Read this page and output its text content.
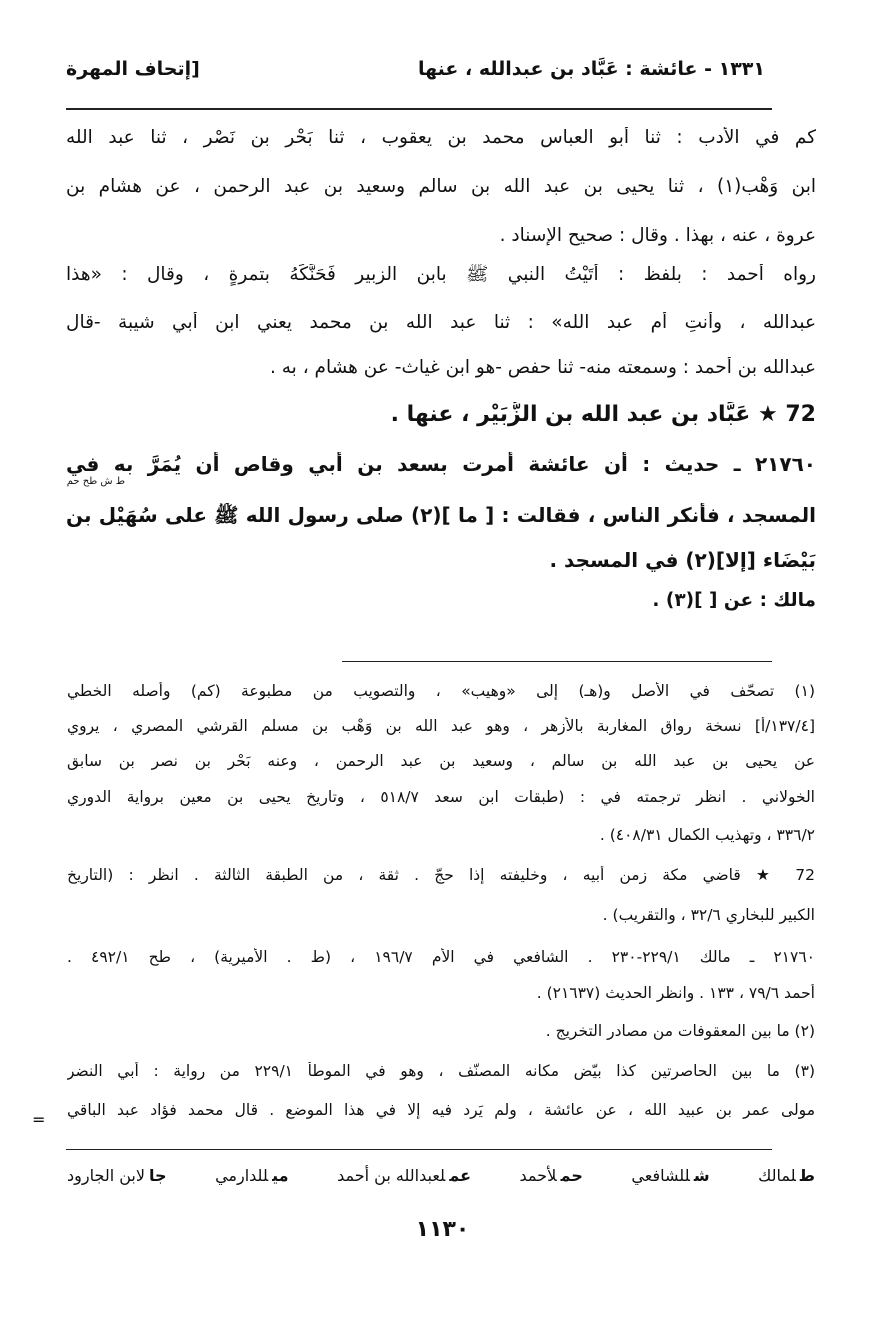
[إتحاف المهرة	١٣٣١ - عائشة : عَبَّاد بن عبدالله ، عنها
كم في الأدب : ثنا أبو العباس محمد بن يعقوب ، ثنا بَحْر بن نَصْر ، ثنا عبد الله
ابن وَهْب(١) ، ثنا يحيى بن عبد الله بن سالم وسعيد بن عبد الرحمن ، عن هشام بن
عروة ، عنه ، بهذا . وقال : صحيح الإسناد .
رواه أحمد : بلفظ : أَتَيْتُ النبي ﷺ بابن الزبير فَحَنَّكَهُ بتمرةٍ ، وقال : «هذا
عبدالله ، وأنتِ أم عبد الله» : ثنا عبد الله بن محمد يعني ابن أبي شيبة -قال
عبدالله بن أحمد : وسمعته منه- ثنا حفص -هو ابن غياث- عن هشام ، به .
72 ★ عَبَّاد بن عبد الله بن الزُّبَيْر ، عنها .
٢١٧٦٠ ـ حديث : أن عائشة أمرت بسعد بن أبي وقاص أن يُمَرَّ به في
ط ش طح حم
المسجد ، فأنكر الناس ، فقالت : [ ما ](٢) صلى رسول الله ﷺ على سُهَيْل بن
بَيْضَاء [إلا](٢) في المسجد .
مالك : عن [ ](٣) .
(١) تصحّف في الأصل و(هـ) إلى «وهيب» ، والتصويب من مطبوعة (كم) وأصله الخطي
[١٣٧/٤/أ] نسخة رواق المغاربة بالأزهر ، وهو عبد الله بن وَهْب بن مسلم القرشي المصري ، يروي
عن يحيى بن عبد الله بن سالم ، وسعيد بن عبد الرحمن ، وعنه بَحْر بن نصر بن سابق
الخولاني . انظر ترجمته في : (طبقات ابن سعد ٥١٨/٧ ، وتاريخ يحيى بن معين برواية الدوري
٣٣٦/٢ ، وتهذيب الكمال ٤٠٨/٣١) .
72 ★ قاضي مكة زمن أبيه ، وخليفته إذا حجّ . ثقة ، من الطبقة الثالثة . انظر : (التاريخ
الكبير للبخاري ٣٢/٦ ، والتقريب) .
٢١٧٦٠ ـ مالك ٢٢٩/١-٢٣٠ . الشافعي في الأم ١٩٦/٧ ، (ط . الأميرية) ، طح ٤٩٢/١ .
أحمد ٧٩/٦ ، ١٣٣ . وانظر الحديث (٢١٦٣٧) .
(٢) ما بين المعقوفات من مصادر التخريج .
(٣) ما بين الحاصرتين كذا بيّض مكانه المصنّف ، وهو في الموطأ ٢٢٩/١ من رواية : أبي النضر
مولى عمر بن عبيد الله ، عن عائشة ، ولم يَرِد فيه إلا في هذا الموضع . قال محمد فؤاد عبد الباقي
=
طلمالك
شللشافعي
حملأحمد
عملعبدالله بن أحمد
ميللدارمي
جالابن الجارود
١١٣٠
